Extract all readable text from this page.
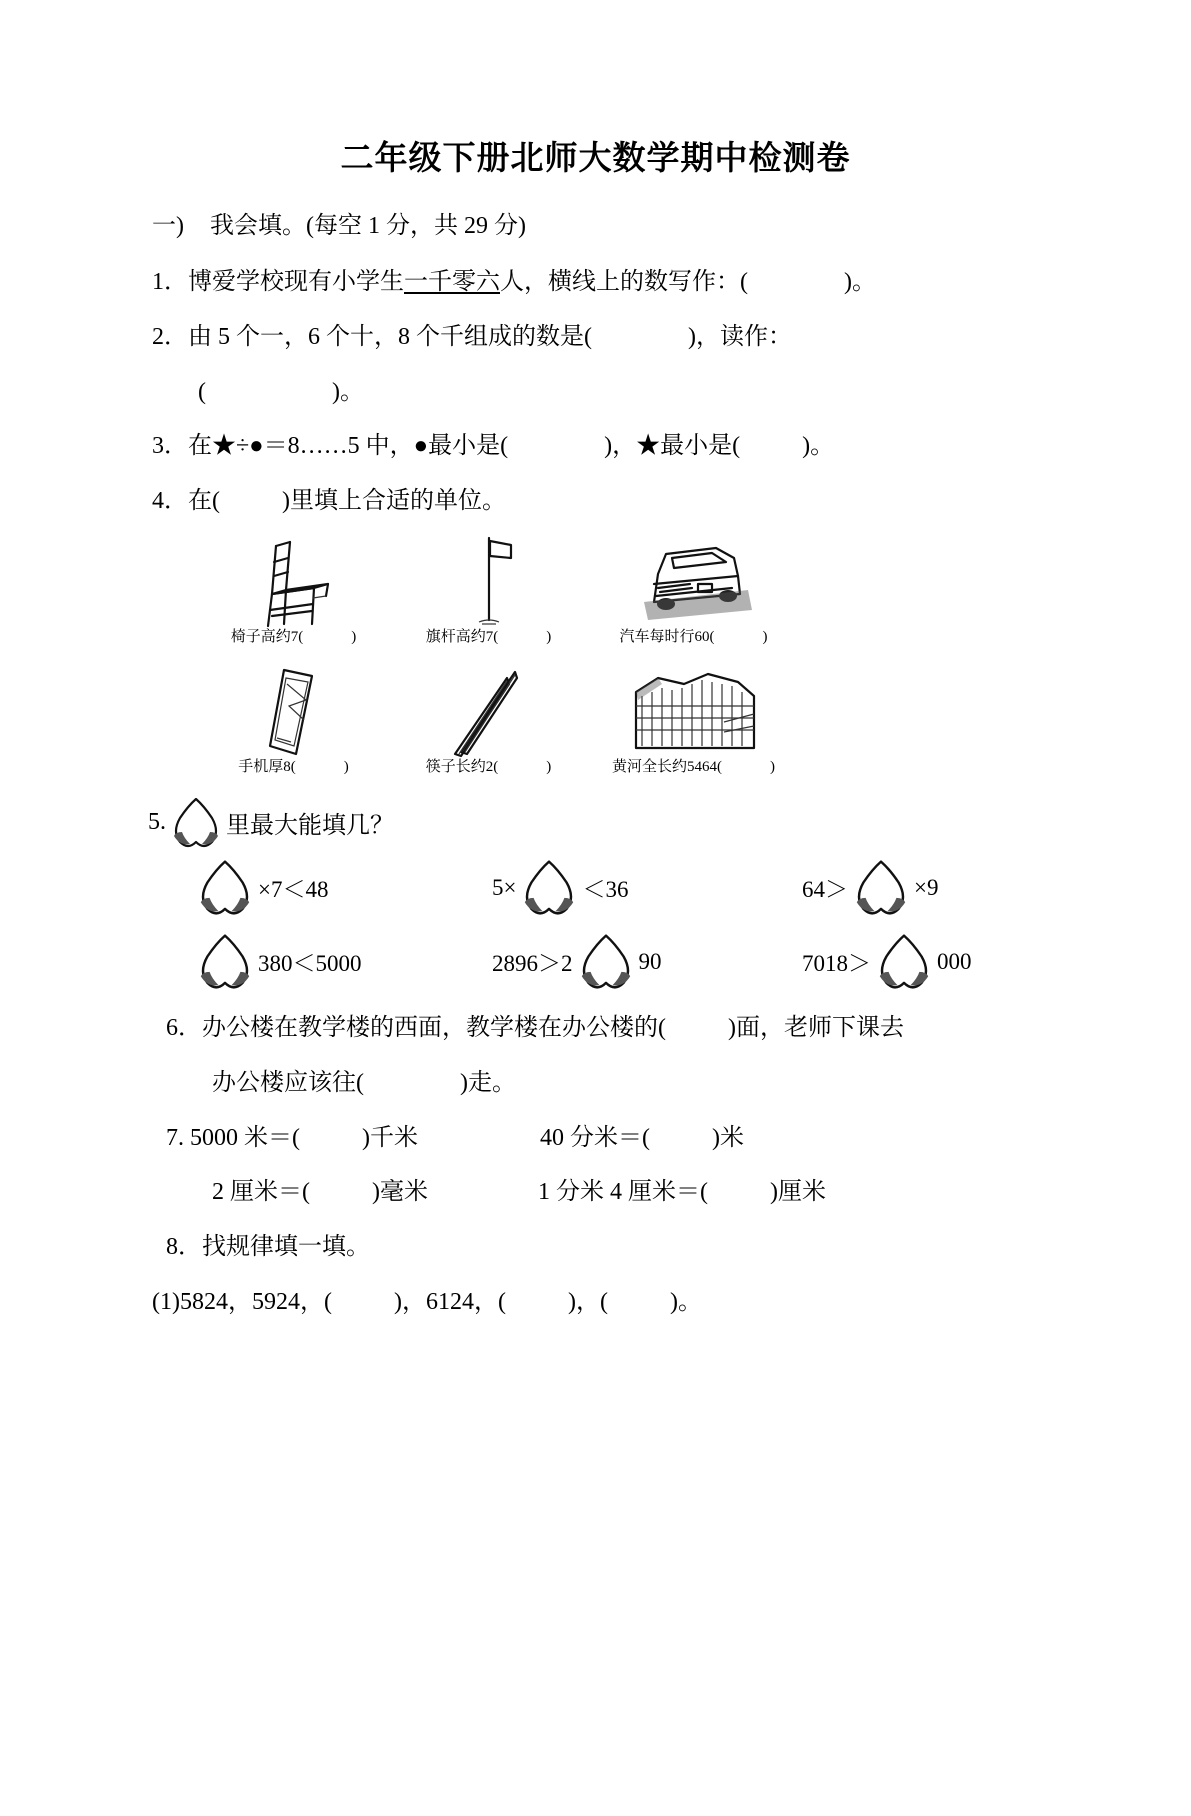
二年级下册北师大数学期中检测卷
一) 我会填。(每空 1 分，共 29 分)
1．博爱学校现有小学生一千零六人，横线上的数写作：(	)。
2．由 5 个一，6 个十，8 个千组成的数是(	)，读作：
(	)。
3．在★÷●＝8……5 中，●最小是(	)，★最小是(	)。
4．在(	)里填上合适的单位。
椅子高约7(	)	旗杆高约7(	)	汽车每时行60(	)
手机厚8(	)	筷子长约2(	)	黄河全长约5464(	)
5.	里最大能填几？
×7＜48	5×	＜36	64＞	×9
380＜5000	2896＞2	90	7018＞	000
6．办公楼在教学楼的西面，教学楼在办公楼的(	)面，老师下课去
办公楼应该往(	)走。
7. 5000 米＝(	)千米	40 分米＝(	)米
2 厘米＝(	)毫米	1 分米 4 厘米＝(	)厘米
8．找规律填一填。
(1)5824，5924，(	)，6124，(	)，(	)。
